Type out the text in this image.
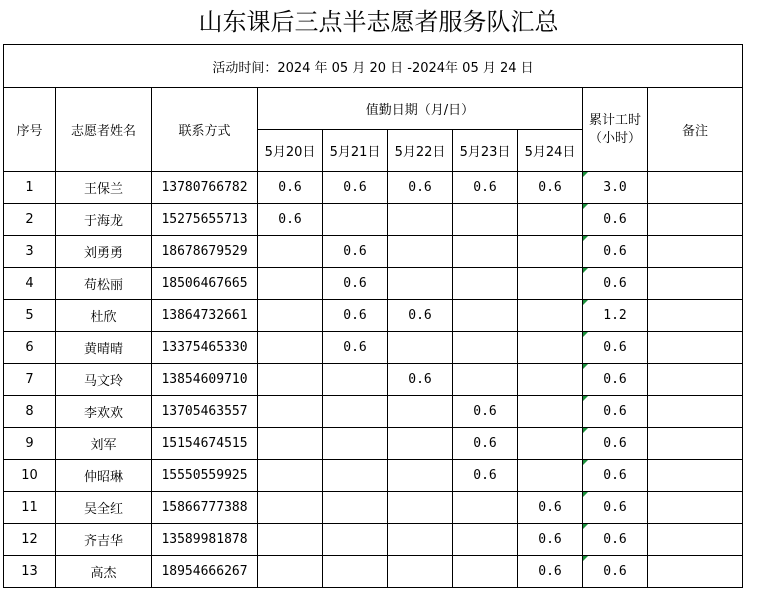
山东课后三点半志愿者服务队汇总
活动时间：2024 年 05 月 20 日 -2024年 05 月 24 日									
序号	志愿者姓名	联系方式	值勤日期（月/日）					累计工时（小时）	备注
			5月20日	5月21日	5月22日	5月23日	5月24日		
1	王保兰	13780766782	0.6	0.6	0.6	0.6	0.6	3.0	
2	于海龙	15275655713	0.6					0.6	
3	刘勇勇	18678679529		0.6				0.6	
4	苟松丽	18506467665		0.6				0.6	
5	杜欣	13864732661		0.6	0.6			1.2	
6	黄晴晴	13375465330		0.6				0.6	
7	马文玲	13854609710			0.6			0.6	
8	李欢欢	13705463557				0.6		0.6	
9	刘军	15154674515				0.6		0.6	
10	仲昭琳	15550559925				0.6		0.6	
11	吴全红	15866777388					0.6	0.6	
12	齐吉华	13589981878					0.6	0.6	
13	高杰	18954666267					0.6	0.6	
